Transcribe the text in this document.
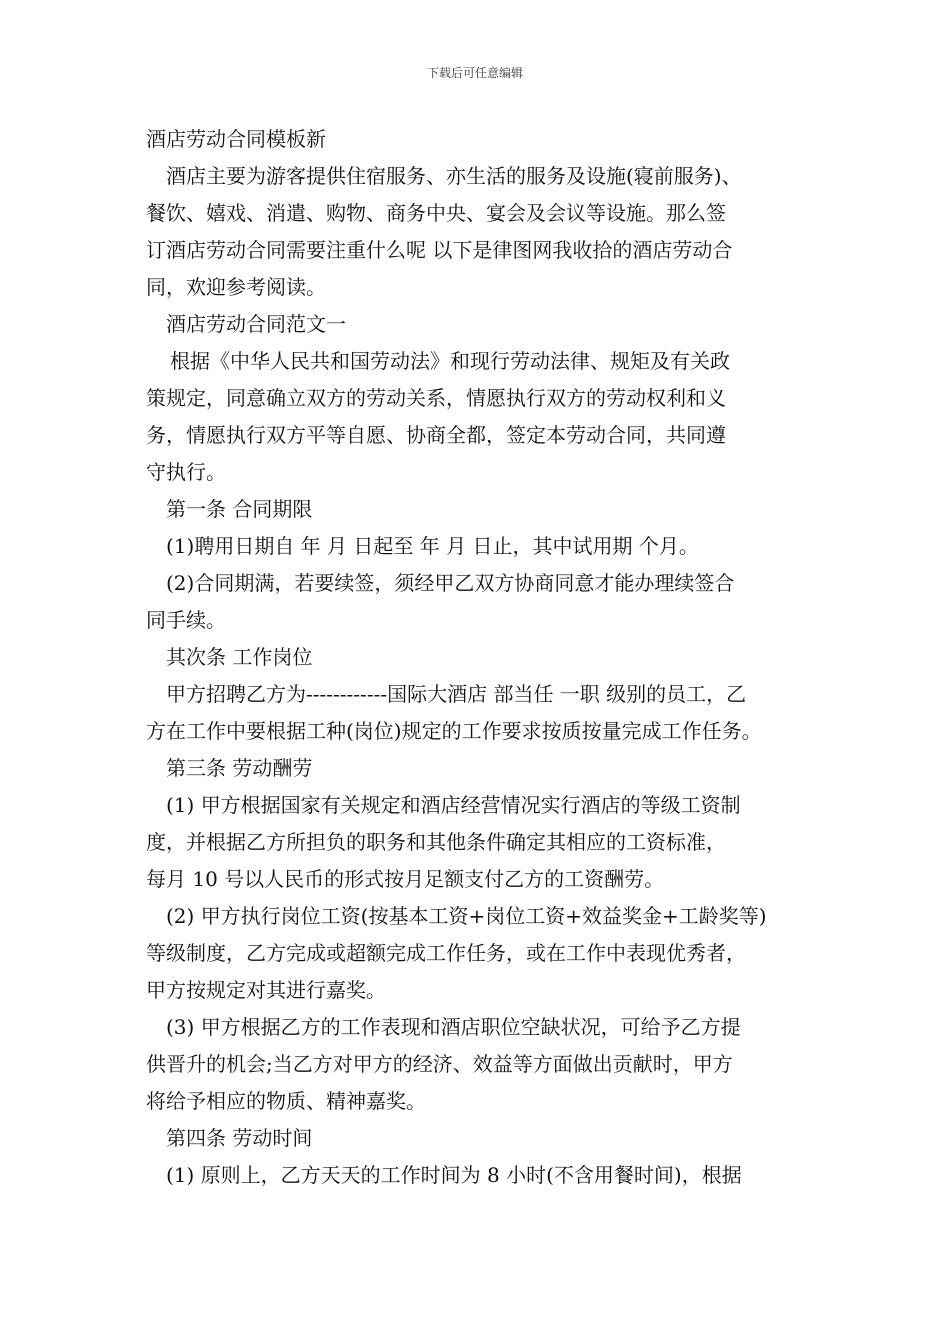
下载后可任意编辑
酒店劳动合同模板新
酒店主要为游客提供住宿服务、亦生活的服务及设施(寝前服务)、
餐饮、嬉戏、消遣、购物、商务中央、宴会及会议等设施。那么签
订酒店劳动合同需要注重什么呢 以下是律图网我收拾的酒店劳动合
同，欢迎参考阅读。
酒店劳动合同范文一
根据《中华人民共和国劳动法》和现行劳动法律、规矩及有关政
策规定，同意确立双方的劳动关系，情愿执行双方的劳动权利和义
务，情愿执行双方平等自愿、协商全都，签定本劳动合同，共同遵
守执行。
第一条 合同期限
(1)聘用日期自 年 月 日起至 年 月 日止，其中试用期 个月。
(2)合同期满，若要续签，须经甲乙双方协商同意才能办理续签合
同手续。
其次条 工作岗位
甲方招聘乙方为------------国际大酒店 部当任 一职 级别的员工，乙
方在工作中要根据工种(岗位)规定的工作要求按质按量完成工作任务。
第三条 劳动酬劳
(1) 甲方根据国家有关规定和酒店经营情况实行酒店的等级工资制
度，并根据乙方所担负的职务和其他条件确定其相应的工资标准，
每月 10 号以人民币的形式按月足额支付乙方的工资酬劳。
(2) 甲方执行岗位工资(按基本工资+岗位工资+效益奖金+工龄奖等)
等级制度，乙方完成或超额完成工作任务，或在工作中表现优秀者，
甲方按规定对其进行嘉奖。
(3) 甲方根据乙方的工作表现和酒店职位空缺状况，可给予乙方提
供晋升的机会;当乙方对甲方的经济、效益等方面做出贡献时，甲方
将给予相应的物质、精神嘉奖。
第四条 劳动时间
(1) 原则上，乙方天天的工作时间为 8 小时(不含用餐时间)，根据
